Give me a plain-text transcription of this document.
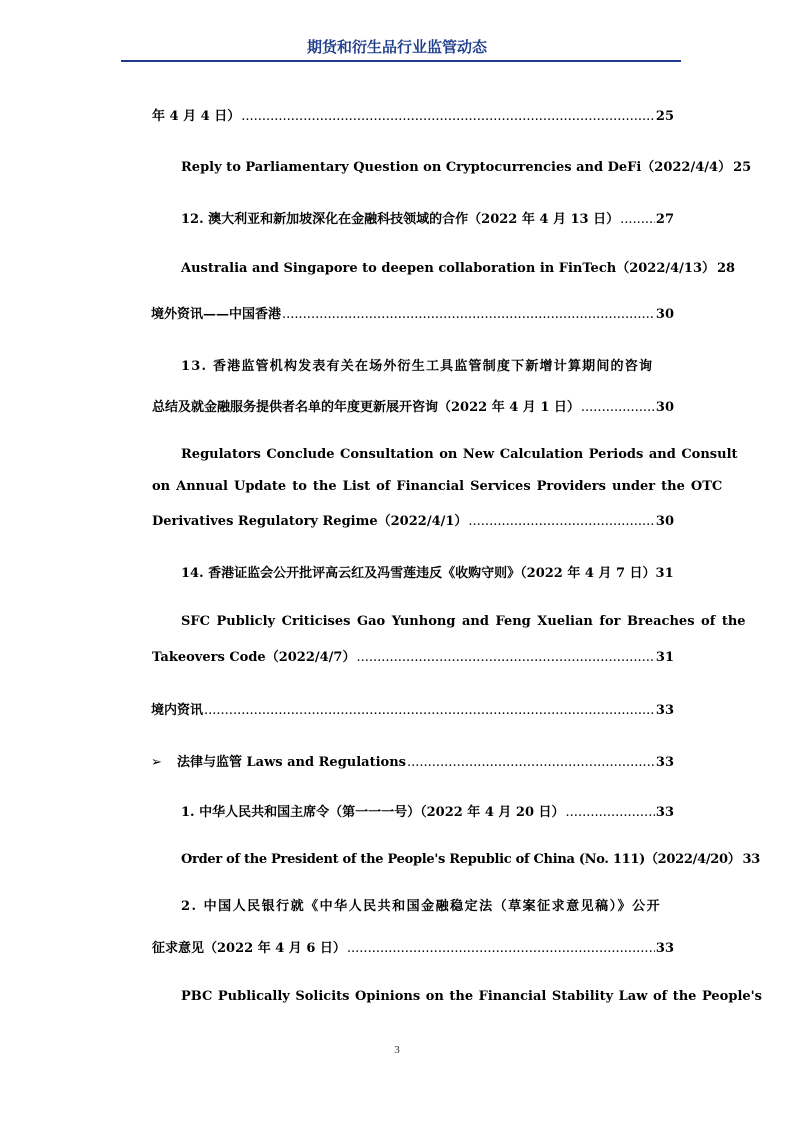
期货和衍生品行业监管动态
年 4 月 4 日） .....	25
Reply to Parliamentary Question on Cryptocurrencies and DeFi（2022/4/4） 25
12. 澳大利亚和新加坡深化在金融科技领域的合作（2022 年 4 月 13 日） .....	27
Australia and Singapore to deepen collaboration in FinTech（2022/4/13） 28
境外资讯——中国香港 .....	30
13. 香港监管机构发表有关在场外衍生工具监管制度下新增计算期间的咨询
总结及就金融服务提供者名单的年度更新展开咨询（2022 年 4 月 1 日） .....	30
Regulators Conclude Consultation on New Calculation Periods and Consult
on Annual Update to the List of Financial Services Providers under the OTC
Derivatives Regulatory Regime（2022/4/1） .....	30
14. 香港证监会公开批评高云红及冯雪莲违反《收购守则》（2022 年 4 月 7 日） 31
SFC Publicly Criticises Gao Yunhong and Feng Xuelian for Breaches of the
Takeovers Code（2022/4/7） .....	31
境内资讯 .....	33
➢	法律与监管 Laws and Regulations .....	33
1. 中华人民共和国主席令（第一一一号）（2022 年 4 月 20 日） .....	33
Order of the President of the People's Republic of China (No. 111)（2022/4/20） 33
2. 中国人民银行就《中华人民共和国金融稳定法（草案征求意见稿）》公开
征求意见（2022 年 4 月 6 日） .....	33
PBC Publically Solicits Opinions on the Financial Stability Law of the People's
3
